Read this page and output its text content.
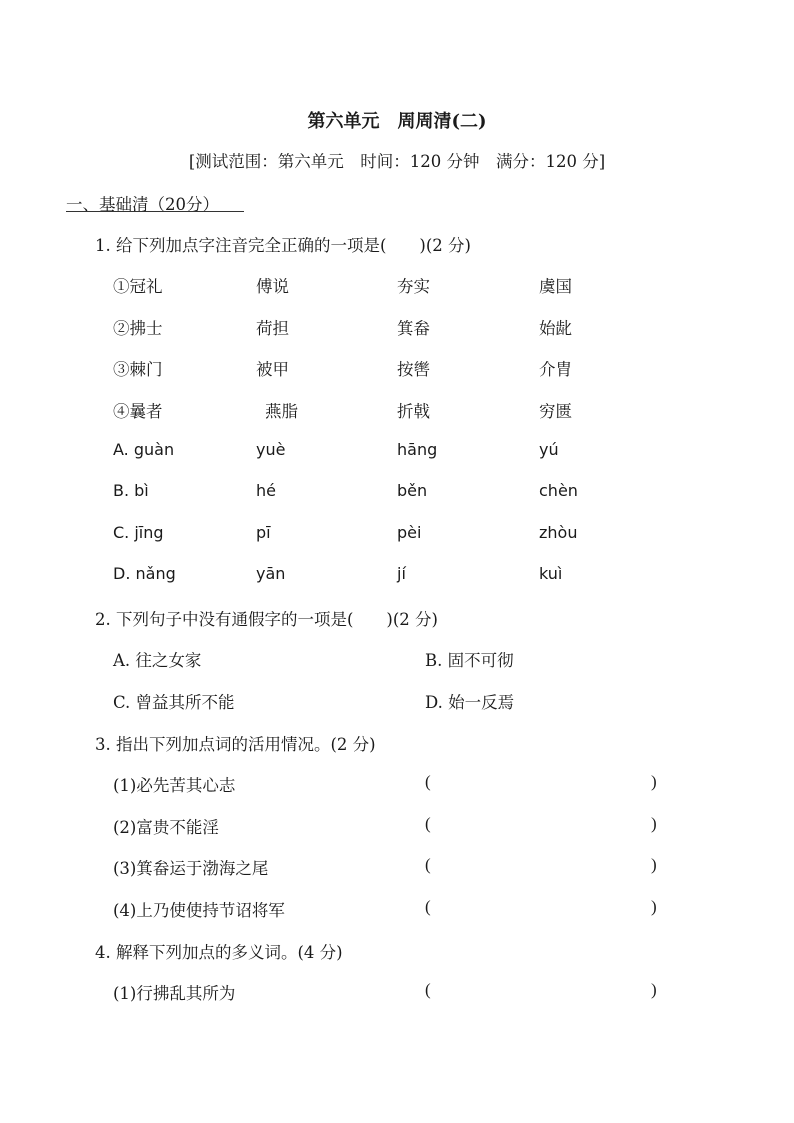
第六单元　周周清(二)
[测试范围：第六单元　时间：120 分钟　满分：120 分]
一、基础清（20分）
1. 给下列加点字注音完全正确的一项是(　　)(2 分)
①冠礼	傅说	夯实	虞国
②拂士	荷担	箕畚	始龀
③棘门	被甲	按辔	介胄
④曩者	燕脂	折戟	穷匮
A. guàn	yuè	hāng	yú
B. bì	hé	běn	chèn
C. jīng	pī	pèi	zhòu
D. nǎng	yān	jí	kuì
2. 下列句子中没有通假字的一项是(　　)(2 分)
A. 往之女家	B. 固不可彻
C. 曾益其所不能	D. 始一反焉
3. 指出下列加点词的活用情况。(2 分)
(1)必先苦其心志	(	)
(2)富贵不能淫	(	)
(3)箕畚运于渤海之尾	(	)
(4)上乃使使持节诏将军	(	)
4. 解释下列加点的多义词。(4 分)
(1)行拂乱其所为	(	)
